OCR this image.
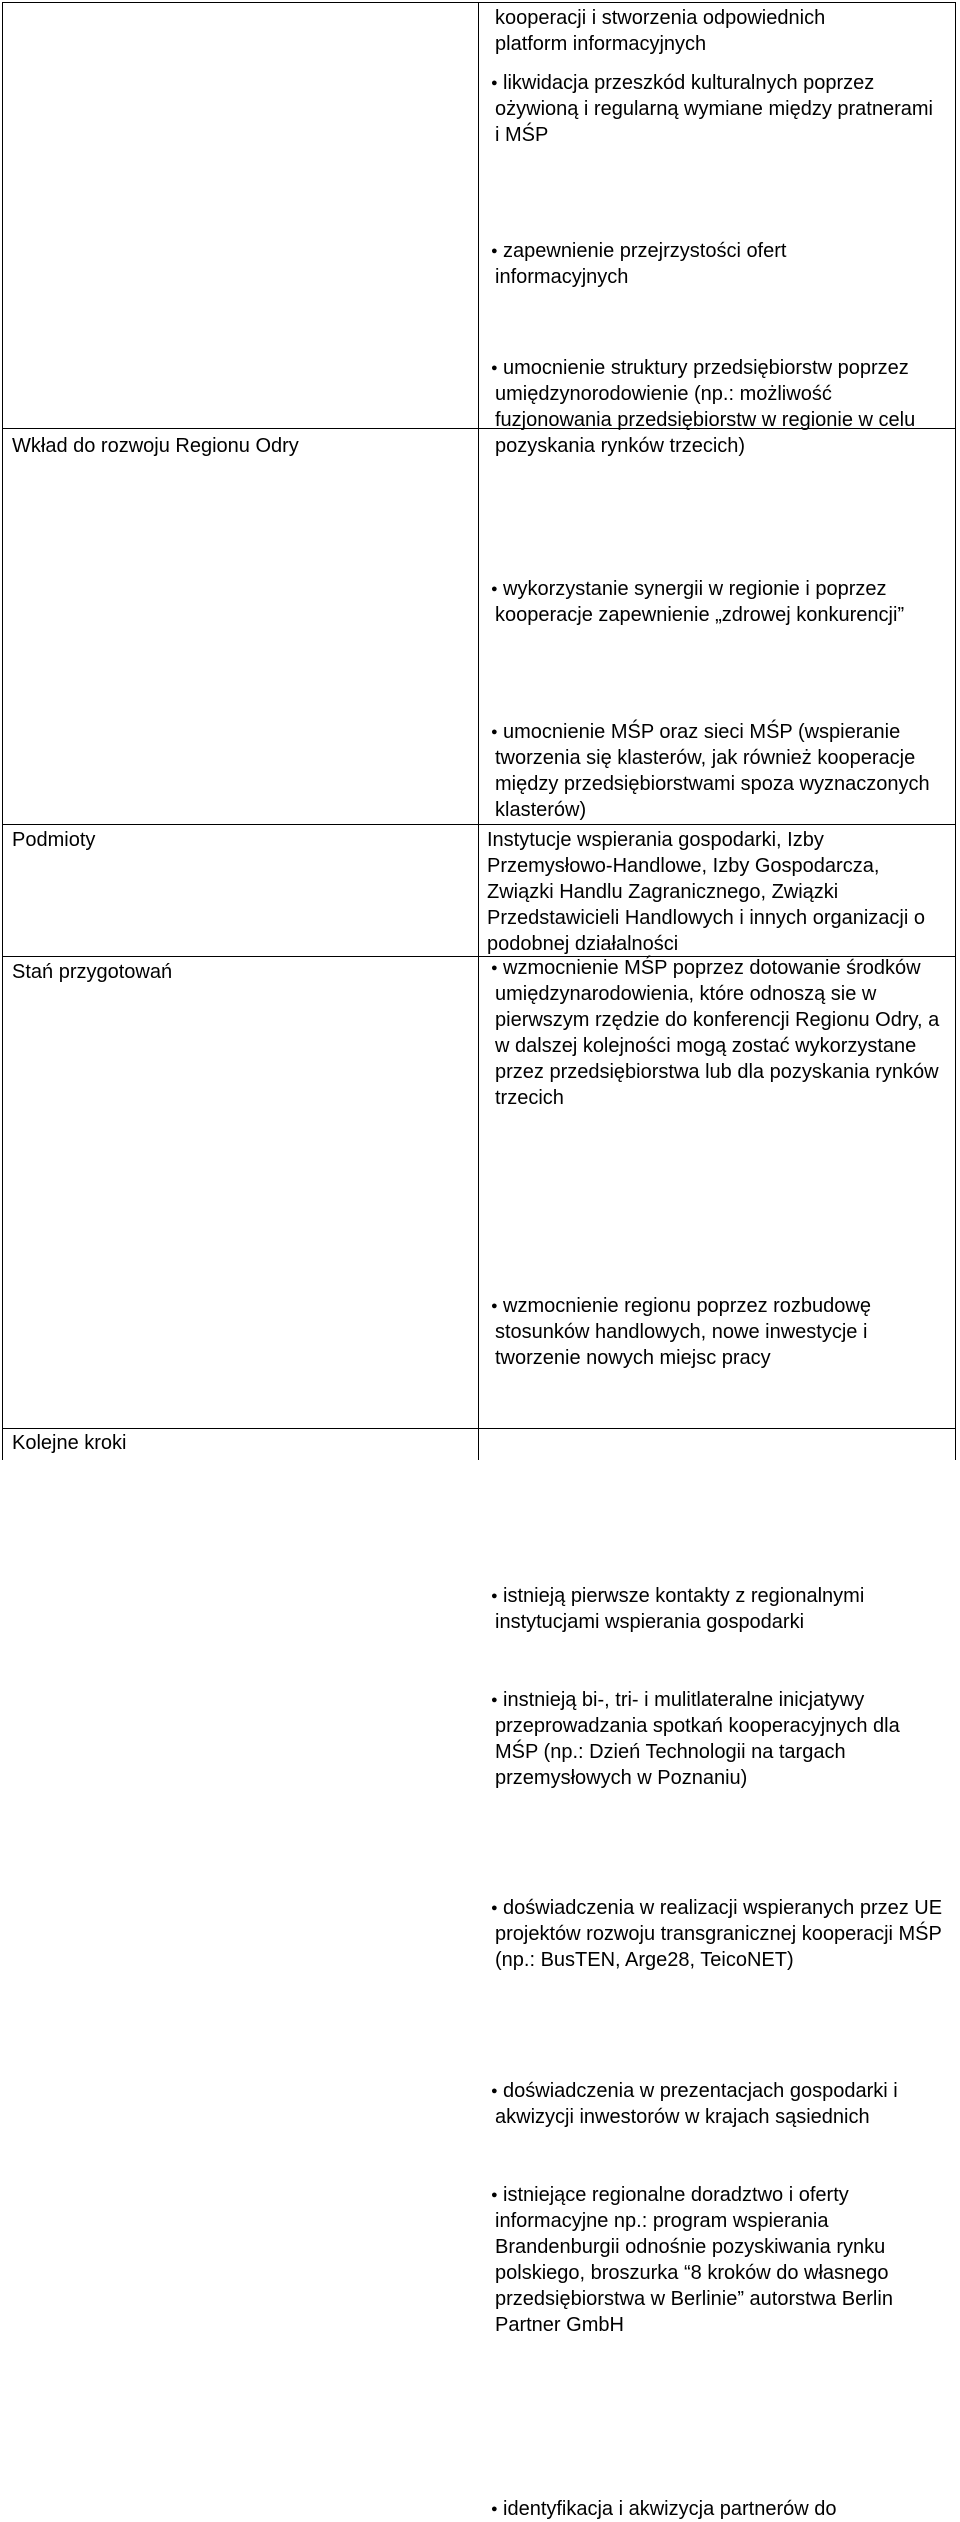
kooperacji i stworzenia odpowiednich platform informacyjnych
● likwidacja przeszkód kulturalnych poprzez ożywioną i regularną wymiane między pratnerami i MŚP
● zapewnienie przejrzystości ofert informacyjnych
● umocnienie struktury przedsiębiorstw poprzez umiędzynorodowienie (np.: możliwość fuzjonowania przedsiębiorstw w regionie w celu pozyskania rynków trzecich)
● wykorzystanie synergii w regionie i poprzez kooperacje zapewnienie „zdrowej konkurencji”
Wkład do rozwoju Regionu Odry
● umocnienie MŚP oraz sieci MŚP (wspieranie tworzenia się klasterów, jak również kooperacje między przedsiębiorstwami spoza wyznaczonych klasterów)
● wzmocnienie MŚP poprzez dotowanie środków umiędzynarodowienia, które odnoszą sie w pierwszym rzędzie do konferencji Regionu Odry, a w dalszej kolejności mogą zostać wykorzystane przez przedsiębiorstwa lub dla pozyskania rynków trzecich
● wzmocnienie regionu poprzez rozbudowę stosunków handlowych, nowe inwestycje i tworzenie nowych miejsc pracy
Podmioty	Instytucje wspierania gospodarki, Izby Przemysłowo-Handlowe, Izby Gospodarcza, Związki Handlu Zagranicznego, Związki Przedstawicieli Handlowych i innych organizacji o podobnej działalności
Stań przygotowań
● istnieją pierwsze kontakty z regionalnymi instytucjami wspierania gospodarki
● instnieją bi-, tri- i mulitlateralne inicjatywy przeprowadzania spotkań kooperacyjnych dla MŚP (np.: Dzień Technologii na targach przemysłowych w Poznaniu)
● doświadczenia w realizacji wspieranych przez UE projektów rozwoju transgranicznej kooperacji MŚP (np.: BusTEN, Arge28, TeicoNET)
● doświadczenia w prezentacjach gospodarki i akwizycji inwestorów w krajach sąsiednich
● istniejące regionalne doradztwo i oferty informacyjne np.: program wspierania Brandenburgii odnośnie pozyskiwania rynku polskiego, broszurka “8 kroków do własnego przedsiębiorstwa w Berlinie” autorstwa Berlin Partner GmbH
Kolejne kroki
● identyfikacja i akwizycja partnerów do
